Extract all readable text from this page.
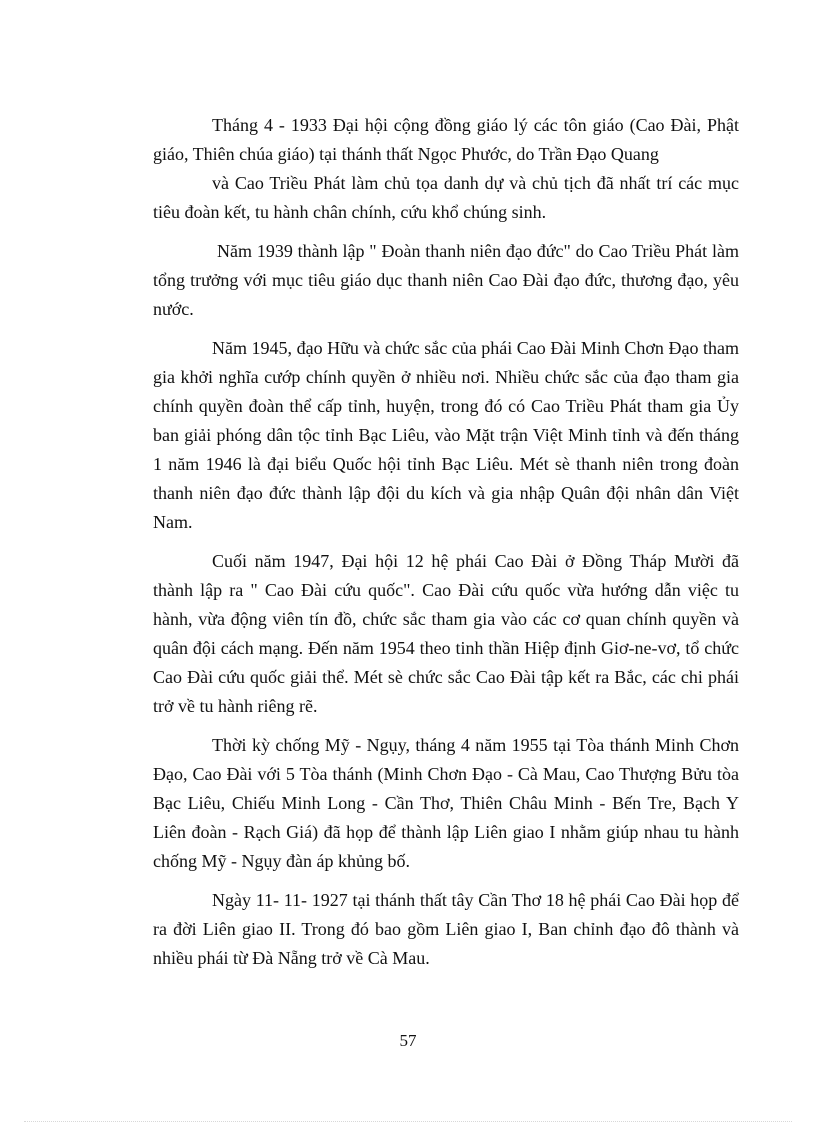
Tháng 4 - 1933 Đại hội cộng đồng giáo lý các tôn giáo (Cao Đài, Phật giáo, Thiên chúa giáo) tại thánh thất Ngọc Phước, do Trần Đạo Quang

và Cao Triều Phát làm chủ tọa danh dự và chủ tịch đã nhất trí các mục tiêu đoàn kết, tu hành chân chính, cứu khổ chúng sinh.

Năm 1939 thành lập " Đoàn thanh niên đạo đức" do Cao Triều Phát làm tổng trưởng với mục tiêu giáo dục thanh niên Cao Đài đạo đức, thương đạo, yêu nước.

Năm 1945, đạo Hữu và chức sắc của phái Cao Đài Minh Chơn Đạo tham gia khởi nghĩa cướp chính quyền ở nhiều nơi. Nhiều chức sắc của đạo tham gia chính quyền đoàn thể cấp tỉnh, huyện, trong đó có Cao Triều Phát tham gia Ủy ban giải phóng dân tộc tỉnh Bạc Liêu, vào Mặt trận Việt Minh tỉnh và đến tháng 1 năm 1946 là đại biểu Quốc hội tỉnh Bạc Liêu. Mét sè thanh niên trong đoàn thanh niên đạo đức thành lập đội du kích và gia nhập Quân đội nhân dân Việt Nam.

Cuối năm 1947, Đại hội 12 hệ phái Cao Đài ở Đồng Tháp Mười đã thành lập ra " Cao Đài cứu quốc". Cao Đài cứu quốc vừa hướng dẫn việc tu hành, vừa động viên tín đồ, chức sắc tham gia vào các cơ quan chính quyền và quân đội cách mạng. Đến năm 1954 theo tinh thần Hiệp định Giơ-ne-vơ, tổ chức Cao Đài cứu quốc giải thể. Mét sè chức sắc Cao Đài tập kết ra Bắc, các chi phái trở về tu hành riêng rẽ.

Thời kỳ chống Mỹ - Ngụy, tháng 4 năm 1955 tại Tòa thánh Minh Chơn Đạo, Cao Đài với 5 Tòa thánh (Minh Chơn Đạo - Cà Mau, Cao Thượng Bửu tòa Bạc Liêu, Chiếu Minh Long - Cần Thơ, Thiên Châu Minh - Bến Tre, Bạch Y Liên đoàn - Rạch Giá) đã họp để thành lập Liên giao I nhằm giúp nhau tu hành chống Mỹ - Ngụy đàn áp khủng bố.

Ngày 11- 11- 1927 tại thánh thất tây Cần Thơ 18 hệ phái Cao Đài họp để ra đời Liên giao II. Trong đó bao gồm Liên giao I, Ban chỉnh đạo đô thành và nhiều phái từ Đà Nẵng trở về Cà Mau.

57
